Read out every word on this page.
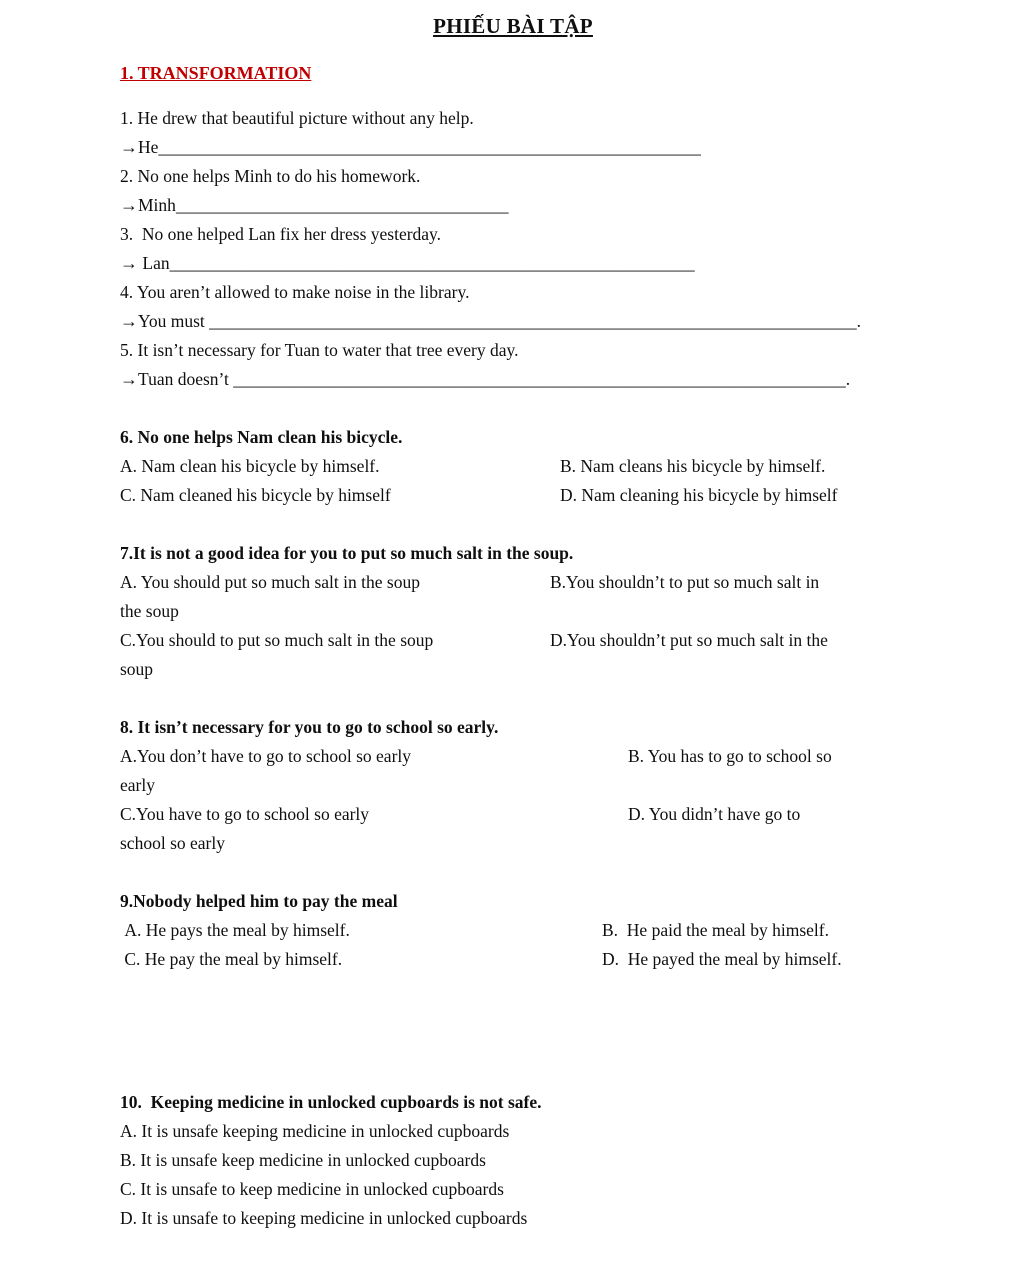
PHIẾU BÀI TẬP
1. TRANSFORMATION
1. He drew that beautiful picture without any help.
→He______________________________________________________________
2. No one helps Minh to do his homework.
→Minh______________________________________
3.  No one helped Lan fix her dress yesterday.
→ Lan____________________________________________________________
4. You aren’t allowed to make noise in the library.
→You must __________________________________________________________________________.
5. It isn’t necessary for Tuan to water that tree every day.
→Tuan doesn’t ______________________________________________________________________.
6. No one helps Nam clean his bicycle.
A. Nam clean his bicycle by himself.	B. Nam cleans his bicycle by himself.
C. Nam cleaned his bicycle by himself	D. Nam cleaning his bicycle by himself
7.It is not a good idea for you to put so much salt in the soup.
A. You should put so much salt in the soup	B.You shouldn’t to put so much salt in
the soup
C.You should to put so much salt in the soup	D.You shouldn’t put so much salt in the
soup
8. It isn’t necessary for you to go to school so early.
A.You don’t have to go to school so early	B. You has to go to school so
early
C.You have to go to school so early	D. You didn’t have go to
school so early
9.Nobody helped him to pay the meal
A. He pays the meal by himself.	B.  He paid the meal by himself.
C. He pay the meal by himself.	D.  He payed the meal by himself.
10.  Keeping medicine in unlocked cupboards is not safe.
A. It is unsafe keeping medicine in unlocked cupboards
B. It is unsafe keep medicine in unlocked cupboards
C. It is unsafe to keep medicine in unlocked cupboards
D. It is unsafe to keeping medicine in unlocked cupboards
